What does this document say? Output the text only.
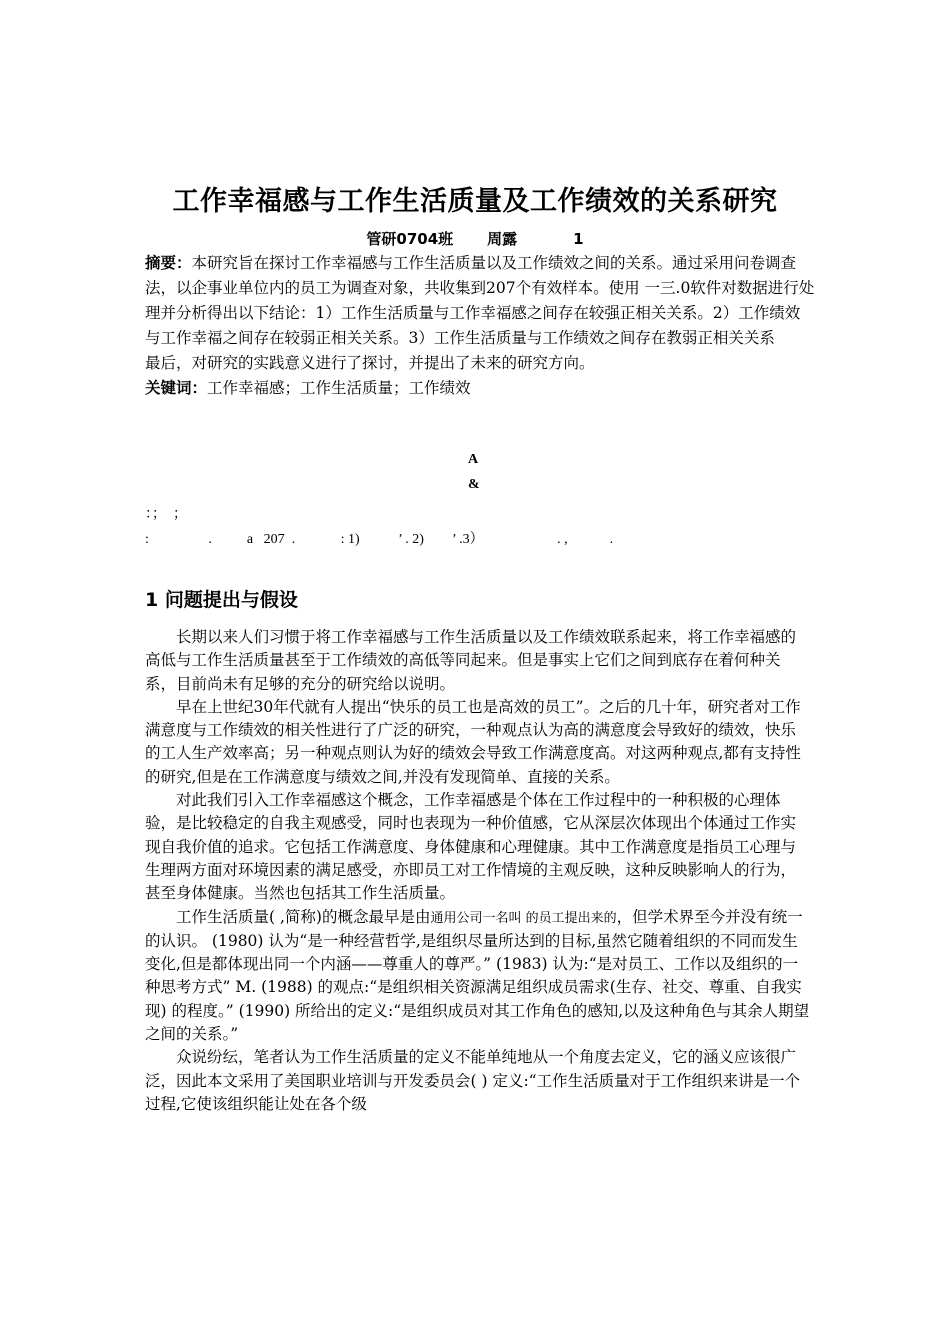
工作幸福感与工作生活质量及工作绩效的关系研究
管研0704班 周露	1

摘要：本研究旨在探讨工作幸福感与工作生活质量以及工作绩效之间的关系。通过采用问卷调查法，以企事业单位内的员工为调查对象，共收集到207个有效样本。使用 一三.0软件对数据进行处理并分析得出以下结论：1）工作生活质量与工作幸福感之间存在较强正相关关系。2）工作绩效与工作幸福之间存在较弱正相关关系。3）工作生活质量与工作绩效之间存在教弱正相关关系

最后，对研究的实践意义进行了探讨，并提出了未来的研究方向。

关键词：工作幸福感；工作生活质量；工作绩效

A
&
：；  ；
:                 .          a   207  .             : 1)           ’ . 2)        ’ .3）                     . ,            .
1 问题提出与假设

长期以来人们习惯于将工作幸福感与工作生活质量以及工作绩效联系起来，将工作幸福感的高低与工作生活质量甚至于工作绩效的高低等同起来。但是事实上它们之间到底存在着何种关系，目前尚未有足够的充分的研究给以说明。

早在上世纪30年代就有人提出“快乐的员工也是高效的员工”。之后的几十年，研究者对工作满意度与工作绩效的相关性进行了广泛的研究，一种观点认为高的满意度会导致好的绩效，快乐的工人生产效率高；另一种观点则认为好的绩效会导致工作满意度高。对这两种观点,都有支持性的研究,但是在工作满意度与绩效之间,并没有发现简单、直接的关系。

对此我们引入工作幸福感这个概念，工作幸福感是个体在工作过程中的一种积极的心理体验，是比较稳定的自我主观感受，同时也表现为一种价值感，它从深层次体现出个体通过工作实现自我价值的追求。它包括工作满意度、身体健康和心理健康。其中工作满意度是指员工心理与生理两方面对环境因素的满足感受，亦即员工对工作情境的主观反映，这种反映影响人的行为，甚至身体健康。当然也包括其工作生活质量。

工作生活质量( ,简称)的概念最早是由通用公司一名叫 的员工提出来的，但学术界至今并没有统一的认识。 (1980) 认为“是一种经营哲学,是组织尽量所达到的目标,虽然它随着组织的不同而发生变化,但是都体现出同一个内涵——尊重人的尊严。” (1983) 认为:“是对员工、工作以及组织的一种思考方式” M. (1988) 的观点:“是组织相关资源满足组织成员需求(生存、社交、尊重、自我实现) 的程度。” (1990) 所给出的定义:“是组织成员对其工作角色的感知,以及这种角色与其余人期望之间的关系。”

众说纷纭，笔者认为工作生活质量的定义不能单纯地从一个角度去定义，它的涵义应该很广泛，因此本文采用了美国职业培训与开发委员会( ) 定义:“工作生活质量对于工作组织来讲是一个过程,它使该组织能让处在各个级
